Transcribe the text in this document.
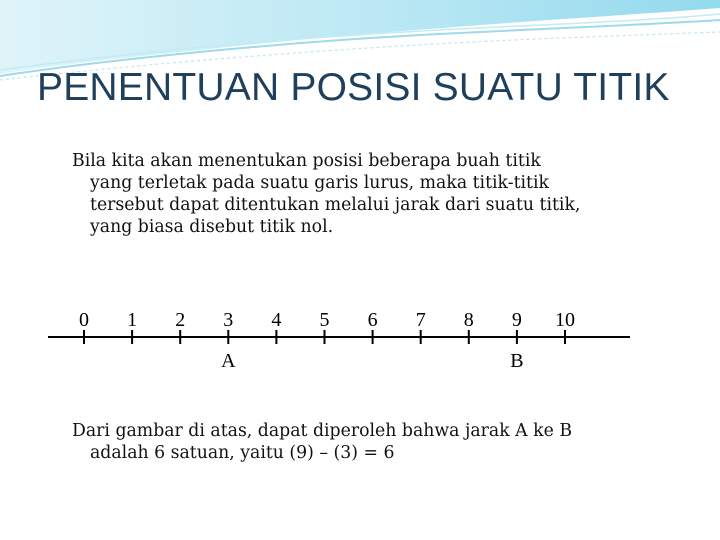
PENENTUAN POSISI SUATU TITIK

Bila kita akan menentukan posisi beberapa buah titik
yang terletak pada suatu garis lurus, maka titik-titik
tersebut dapat ditentukan melalui jarak dari suatu titik,
yang biasa disebut titik nol.

0 1 2 3 4 5 6 7 8 9 10
A	B

Dari gambar di atas, dapat diperoleh bahwa jarak A ke B
adalah 6 satuan, yaitu (9) – (3) = 6
